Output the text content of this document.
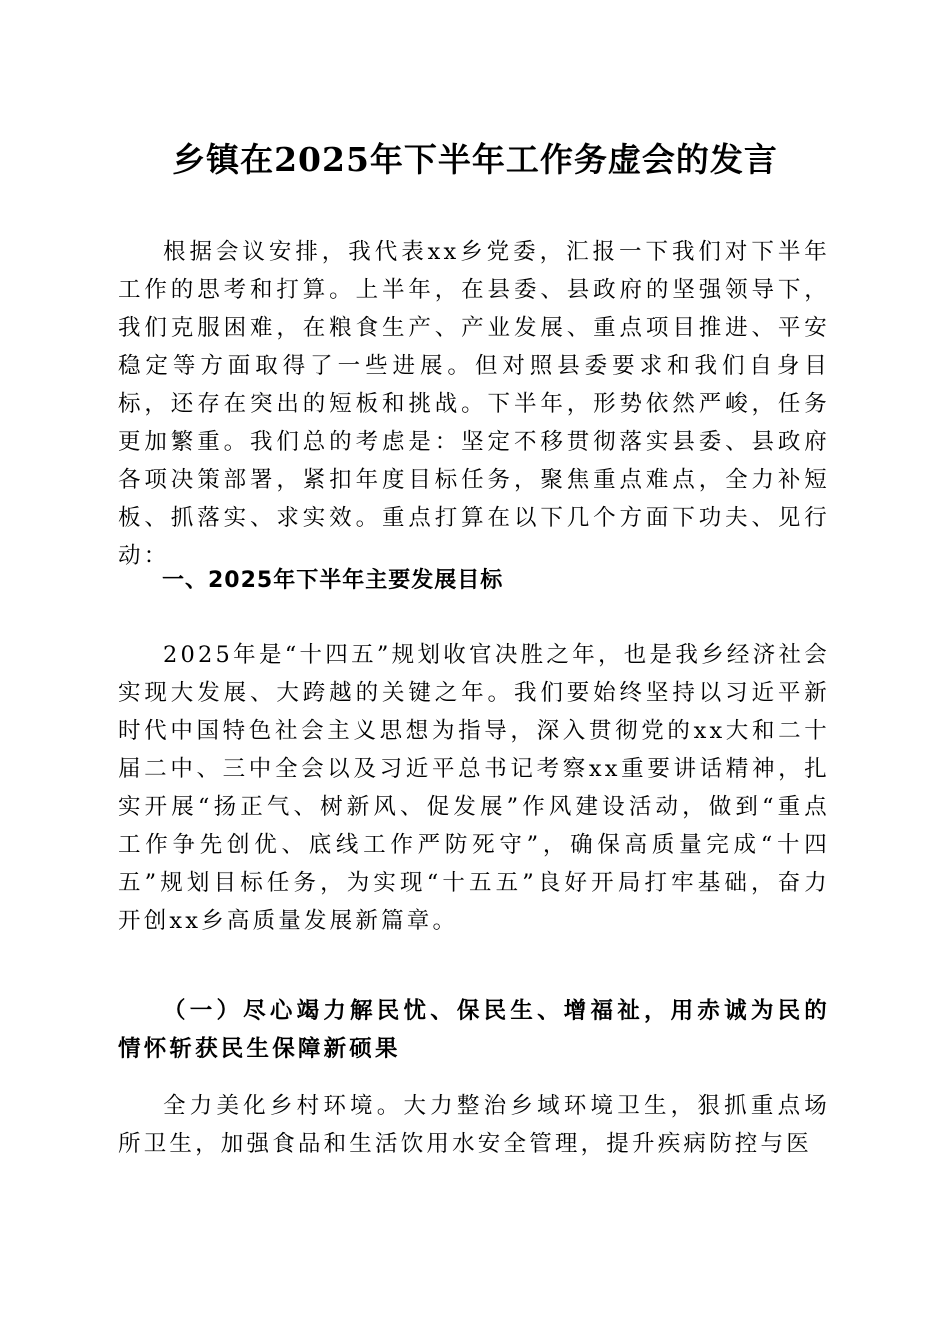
乡镇在2025年下半年工作务虚会的发言

根据会议安排，我代表xx乡党委，汇报一下我们对下半年工作的思考和打算。上半年，在县委、县政府的坚强领导下，我们克服困难，在粮食生产、产业发展、重点项目推进、平安稳定等方面取得了一些进展。但对照县委要求和我们自身目标，还存在突出的短板和挑战。下半年，形势依然严峻，任务更加繁重。我们总的考虑是：坚定不移贯彻落实县委、县政府各项决策部署，紧扣年度目标任务，聚焦重点难点，全力补短板、抓落实、求实效。重点打算在以下几个方面下功夫、见行动：

一、2025年下半年主要发展目标

2025年是“十四五”规划收官决胜之年，也是我乡经济社会实现大发展、大跨越的关键之年。我们要始终坚持以习近平新时代中国特色社会主义思想为指导，深入贯彻党的xx大和二十届二中、三中全会以及习近平总书记考察xx重要讲话精神，扎实开展“扬正气、树新风、促发展”作风建设活动，做到“重点工作争先创优、底线工作严防死守”，确保高质量完成“十四五”规划目标任务，为实现“十五五”良好开局打牢基础，奋力开创xx乡高质量发展新篇章。

（一）尽心竭力解民忧、保民生、增福祉，用赤诚为民的情怀斩获民生保障新硕果

全力美化乡村环境。大力整治乡域环境卫生，狠抓重点场所卫生，加强食品和生活饮用水安全管理，提升疾病防控与医
